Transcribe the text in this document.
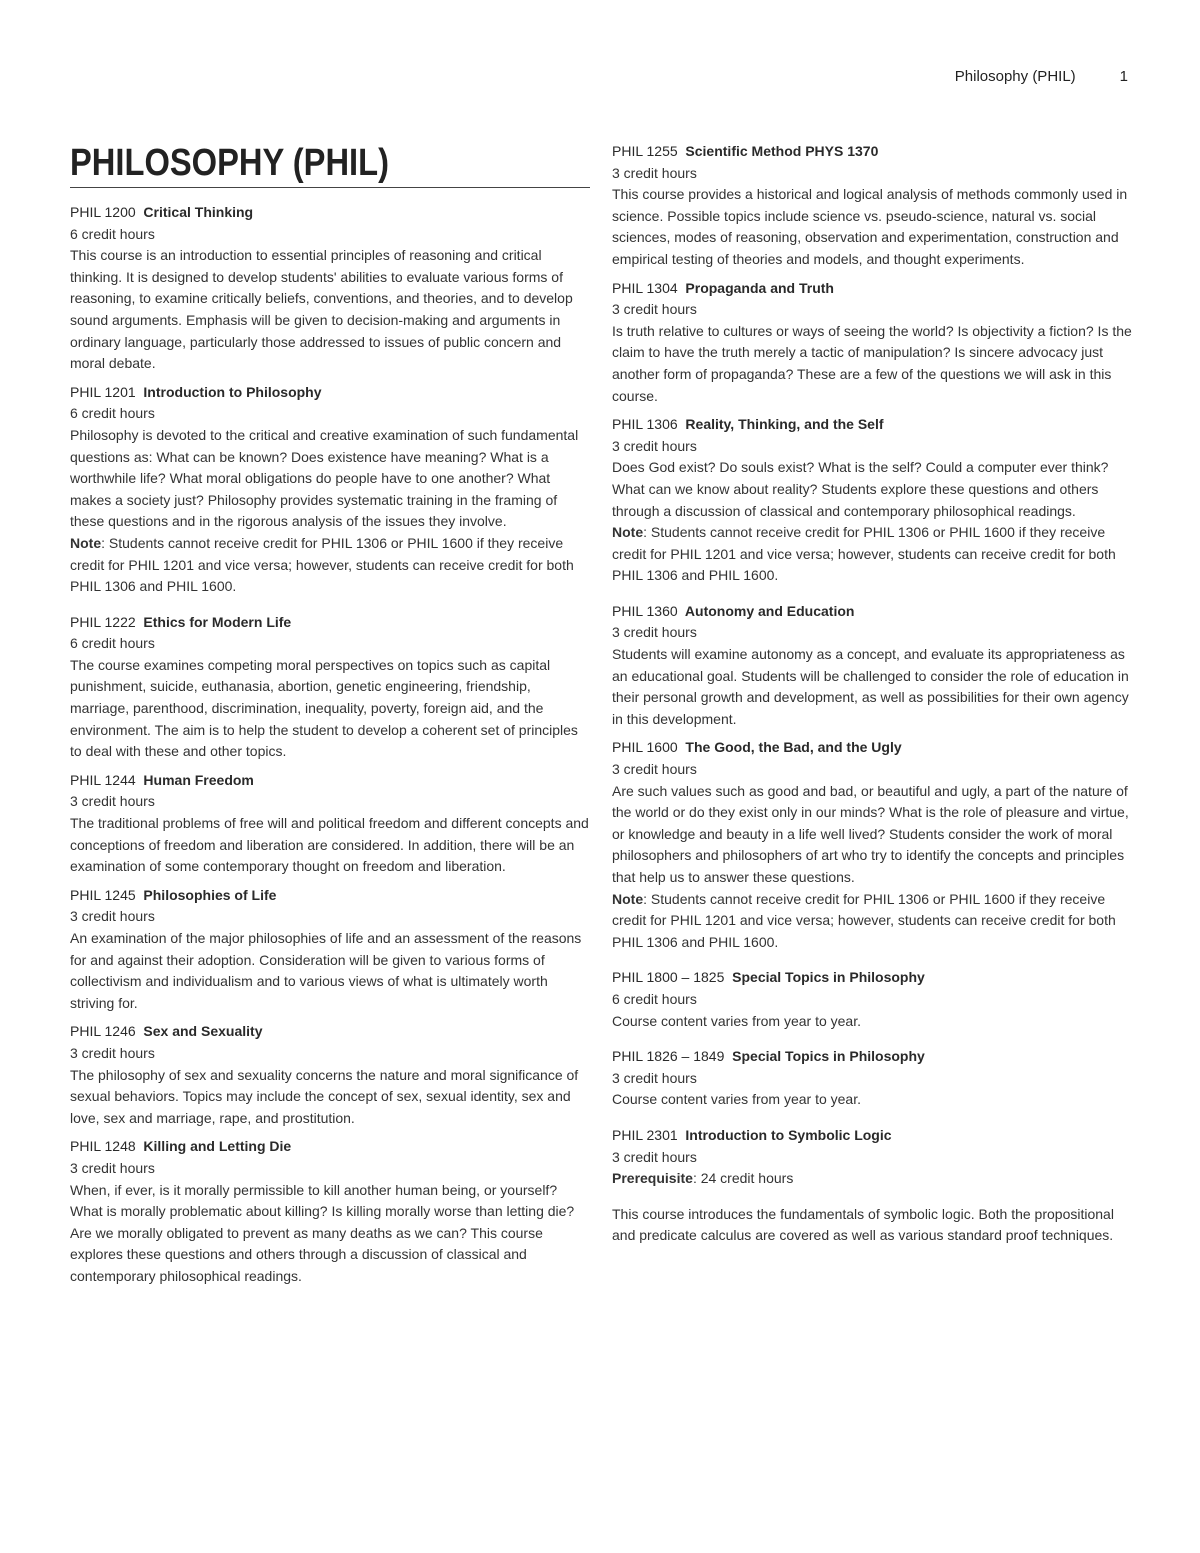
Philosophy (PHIL)	1
PHILOSOPHY (PHIL)
PHIL 1200 Critical Thinking
6 credit hours
This course is an introduction to essential principles of reasoning and critical thinking. It is designed to develop students' abilities to evaluate various forms of reasoning, to examine critically beliefs, conventions, and theories, and to develop sound arguments. Emphasis will be given to decision-making and arguments in ordinary language, particularly those addressed to issues of public concern and moral debate.
PHIL 1201 Introduction to Philosophy
6 credit hours
Philosophy is devoted to the critical and creative examination of such fundamental questions as: What can be known? Does existence have meaning? What is a worthwhile life? What moral obligations do people have to one another? What makes a society just? Philosophy provides systematic training in the framing of these questions and in the rigorous analysis of the issues they involve.
Note: Students cannot receive credit for PHIL 1306 or PHIL 1600 if they receive credit for PHIL 1201 and vice versa; however, students can receive credit for both PHIL 1306 and PHIL 1600.
PHIL 1222 Ethics for Modern Life
6 credit hours
The course examines competing moral perspectives on topics such as capital punishment, suicide, euthanasia, abortion, genetic engineering, friendship, marriage, parenthood, discrimination, inequality, poverty, foreign aid, and the environment. The aim is to help the student to develop a coherent set of principles to deal with these and other topics.
PHIL 1244 Human Freedom
3 credit hours
The traditional problems of free will and political freedom and different concepts and conceptions of freedom and liberation are considered. In addition, there will be an examination of some contemporary thought on freedom and liberation.
PHIL 1245 Philosophies of Life
3 credit hours
An examination of the major philosophies of life and an assessment of the reasons for and against their adoption. Consideration will be given to various forms of collectivism and individualism and to various views of what is ultimately worth striving for.
PHIL 1246 Sex and Sexuality
3 credit hours
The philosophy of sex and sexuality concerns the nature and moral significance of sexual behaviors. Topics may include the concept of sex, sexual identity, sex and love, sex and marriage, rape, and prostitution.
PHIL 1248 Killing and Letting Die
3 credit hours
When, if ever, is it morally permissible to kill another human being, or yourself? What is morally problematic about killing? Is killing morally worse than letting die? Are we morally obligated to prevent as many deaths as we can? This course explores these questions and others through a discussion of classical and contemporary philosophical readings.
PHIL 1255 Scientific Method PHYS 1370
3 credit hours
This course provides a historical and logical analysis of methods commonly used in science. Possible topics include science vs. pseudo-science, natural vs. social sciences, modes of reasoning, observation and experimentation, construction and empirical testing of theories and models, and thought experiments.
PHIL 1304 Propaganda and Truth
3 credit hours
Is truth relative to cultures or ways of seeing the world? Is objectivity a fiction? Is the claim to have the truth merely a tactic of manipulation? Is sincere advocacy just another form of propaganda? These are a few of the questions we will ask in this course.
PHIL 1306 Reality, Thinking, and the Self
3 credit hours
Does God exist? Do souls exist? What is the self? Could a computer ever think? What can we know about reality? Students explore these questions and others through a discussion of classical and contemporary philosophical readings.
Note: Students cannot receive credit for PHIL 1306 or PHIL 1600 if they receive credit for PHIL 1201 and vice versa; however, students can receive credit for both PHIL 1306 and PHIL 1600.
PHIL 1360 Autonomy and Education
3 credit hours
Students will examine autonomy as a concept, and evaluate its appropriateness as an educational goal. Students will be challenged to consider the role of education in their personal growth and development, as well as possibilities for their own agency in this development.
PHIL 1600 The Good, the Bad, and the Ugly
3 credit hours
Are such values such as good and bad, or beautiful and ugly, a part of the nature of the world or do they exist only in our minds? What is the role of pleasure and virtue, or knowledge and beauty in a life well lived? Students consider the work of moral philosophers and philosophers of art who try to identify the concepts and principles that help us to answer these questions.
Note: Students cannot receive credit for PHIL 1306 or PHIL 1600 if they receive credit for PHIL 1201 and vice versa; however, students can receive credit for both PHIL 1306 and PHIL 1600.
PHIL 1800 – 1825 Special Topics in Philosophy
6 credit hours
Course content varies from year to year.
PHIL 1826 – 1849 Special Topics in Philosophy
3 credit hours
Course content varies from year to year.
PHIL 2301 Introduction to Symbolic Logic
3 credit hours
Prerequisite: 24 credit hours
This course introduces the fundamentals of symbolic logic. Both the propositional and predicate calculus are covered as well as various standard proof techniques.
